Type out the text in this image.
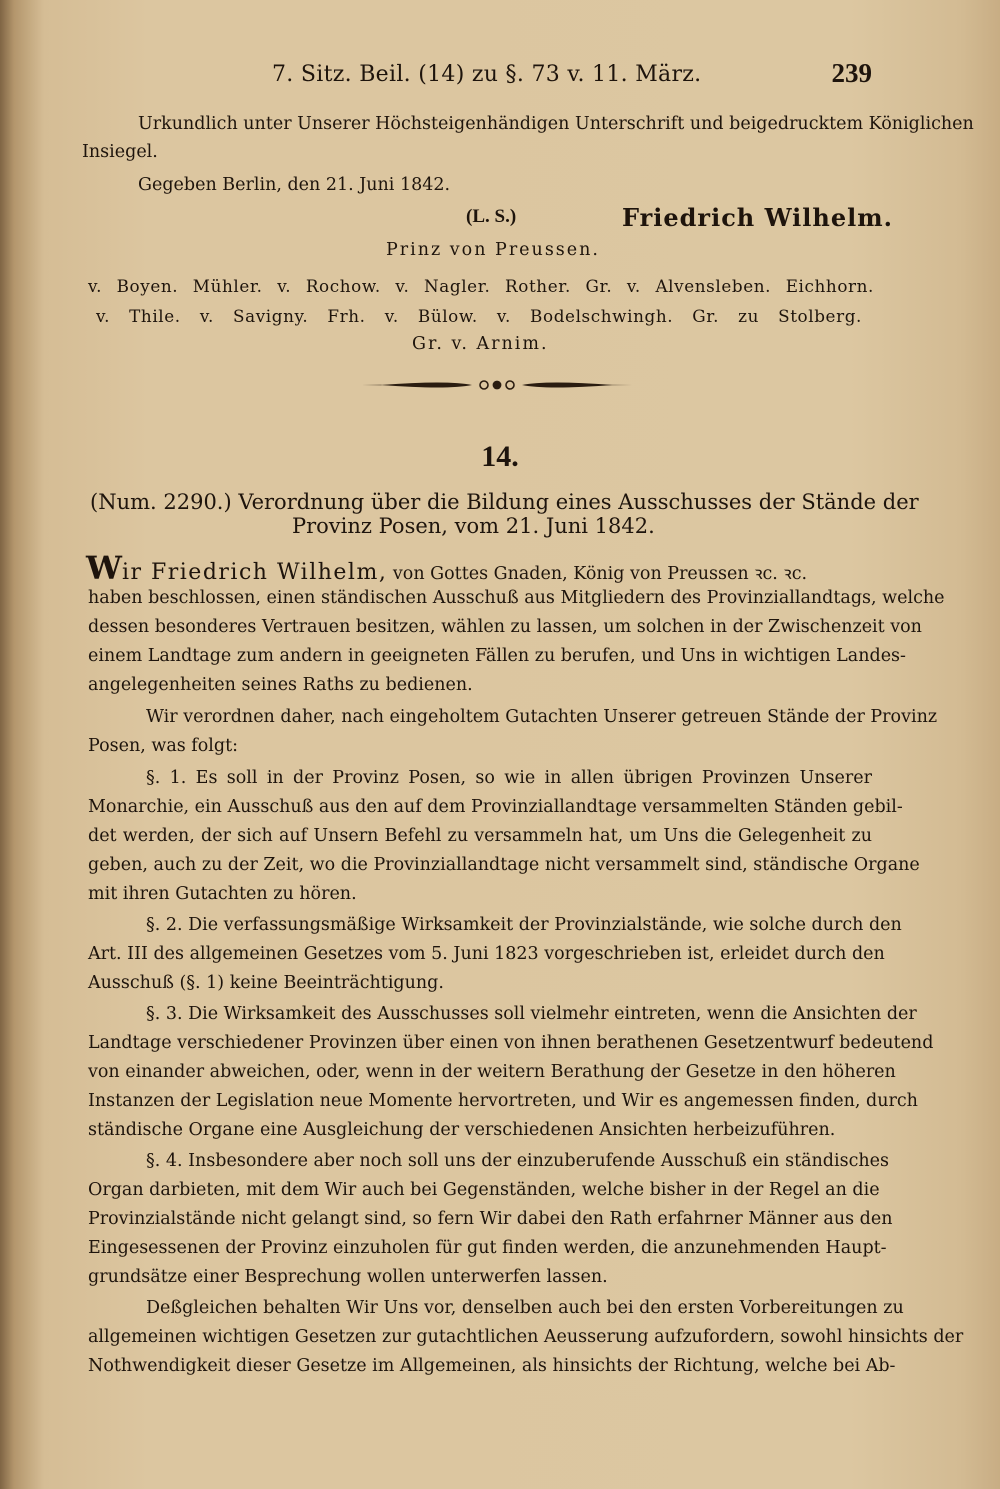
7. Sitz. Beil. (14) zu §. 73 v. 11. März.	239
Urkundlich unter Unserer Höchsteigenhändigen Unterschrift und beigedrucktem Königlichen
Insiegel.
Gegeben Berlin, den 21. Juni 1842.
(L. S.)	Friedrich Wilhelm.
Prinz von Preussen.
v. Boyen. Mühler. v. Rochow. v. Nagler. Rother. Gr. v. Alvensleben. Eichhorn.
v. Thile. v. Savigny. Frh. v. Bülow. v. Bodelschwingh. Gr. zu Stolberg.
Gr. v. Arnim.
14.
(Num. 2290.) Verordnung über die Bildung eines Ausschusses der Stände der
Provinz Posen, vom 21. Juni 1842.
Wir Friedrich Wilhelm, von Gottes Gnaden, König von Preussen ꝛc. ꝛc.
haben beschlossen, einen ständischen Ausschuß aus Mitgliedern des Provinziallandtags, welche
dessen besonderes Vertrauen besitzen, wählen zu lassen, um solchen in der Zwischenzeit von
einem Landtage zum andern in geeigneten Fällen zu berufen, und Uns in wichtigen Landes-
angelegenheiten seines Raths zu bedienen.
Wir verordnen daher, nach eingeholtem Gutachten Unserer getreuen Stände der Provinz
Posen, was folgt:
§. 1. Es soll in der Provinz Posen, so wie in allen übrigen Provinzen Unserer
Monarchie, ein Ausschuß aus den auf dem Provinziallandtage versammelten Ständen gebil-
det werden, der sich auf Unsern Befehl zu versammeln hat, um Uns die Gelegenheit zu
geben, auch zu der Zeit, wo die Provinziallandtage nicht versammelt sind, ständische Organe
mit ihren Gutachten zu hören.
§. 2. Die verfassungsmäßige Wirksamkeit der Provinzialstände, wie solche durch den
Art. III des allgemeinen Gesetzes vom 5. Juni 1823 vorgeschrieben ist, erleidet durch den
Ausschuß (§. 1) keine Beeinträchtigung.
§. 3. Die Wirksamkeit des Ausschusses soll vielmehr eintreten, wenn die Ansichten der
Landtage verschiedener Provinzen über einen von ihnen berathenen Gesetzentwurf bedeutend
von einander abweichen, oder, wenn in der weitern Berathung der Gesetze in den höheren
Instanzen der Legislation neue Momente hervortreten, und Wir es angemessen finden, durch
ständische Organe eine Ausgleichung der verschiedenen Ansichten herbeizuführen.
§. 4. Insbesondere aber noch soll uns der einzuberufende Ausschuß ein ständisches
Organ darbieten, mit dem Wir auch bei Gegenständen, welche bisher in der Regel an die
Provinzialstände nicht gelangt sind, so fern Wir dabei den Rath erfahrner Männer aus den
Eingesessenen der Provinz einzuholen für gut finden werden, die anzunehmenden Haupt-
grundsätze einer Besprechung wollen unterwerfen lassen.
Deßgleichen behalten Wir Uns vor, denselben auch bei den ersten Vorbereitungen zu
allgemeinen wichtigen Gesetzen zur gutachtlichen Aeusserung aufzufordern, sowohl hinsichts der
Nothwendigkeit dieser Gesetze im Allgemeinen, als hinsichts der Richtung, welche bei Ab-
